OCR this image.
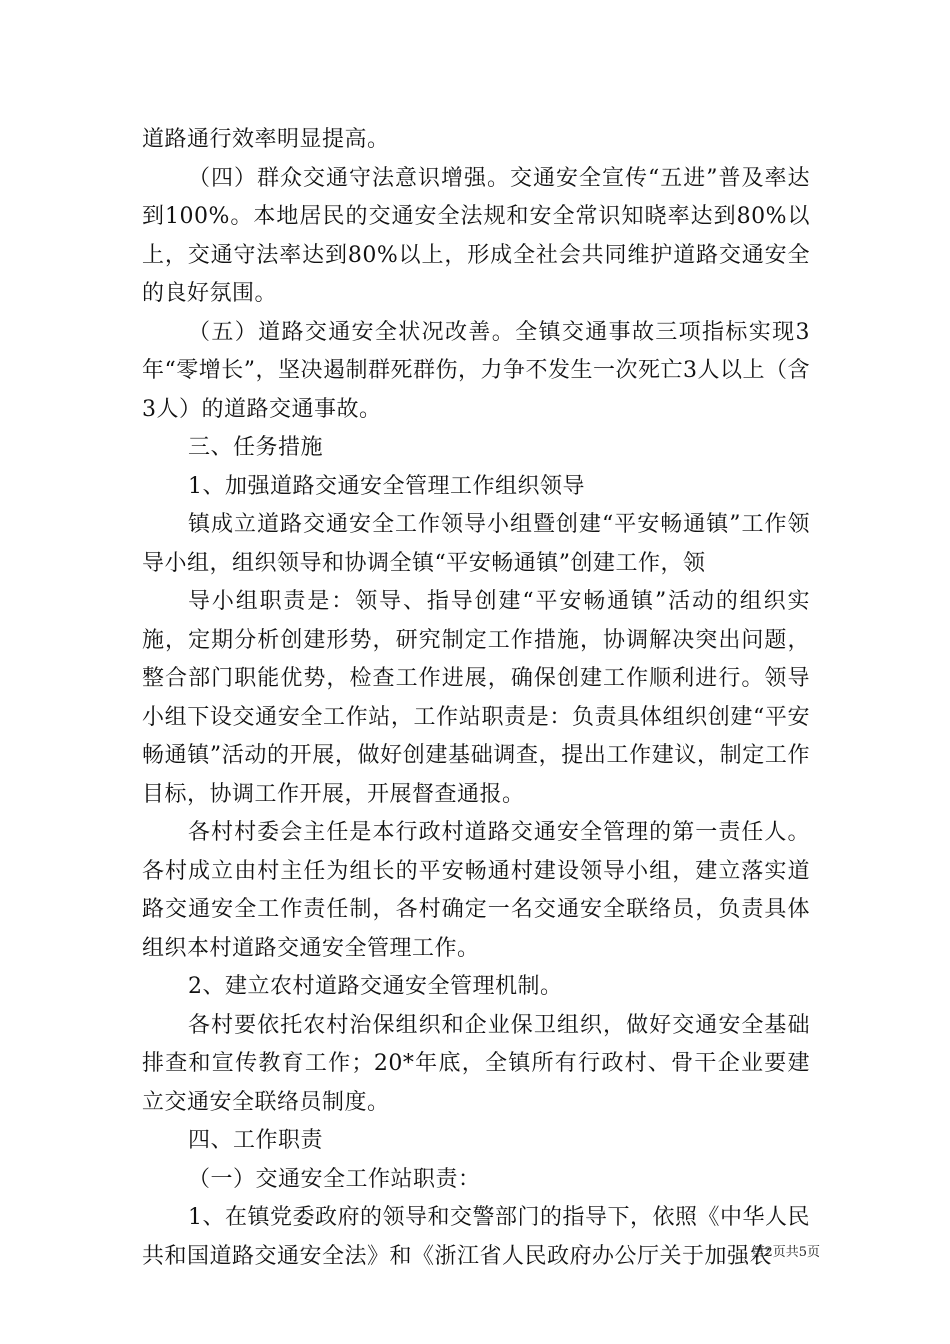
道路通行效率明显提高。

（四）群众交通守法意识增强。交通安全宣传“五进”普及率达到100%。本地居民的交通安全法规和安全常识知晓率达到80%以上，交通守法率达到80%以上，形成全社会共同维护道路交通安全的良好氛围。

（五）道路交通安全状况改善。全镇交通事故三项指标实现3年“零增长”，坚决遏制群死群伤，力争不发生一次死亡3人以上（含3人）的道路交通事故。

三、任务措施

1、加强道路交通安全管理工作组织领导

镇成立道路交通安全工作领导小组暨创建“平安畅通镇”工作领导小组，组织领导和协调全镇“平安畅通镇”创建工作，领

导小组职责是：领导、指导创建“平安畅通镇”活动的组织实施，定期分析创建形势，研究制定工作措施，协调解决突出问题，整合部门职能优势，检查工作进展，确保创建工作顺利进行。领导小组下设交通安全工作站，工作站职责是：负责具体组织创建“平安畅通镇”活动的开展，做好创建基础调查，提出工作建议，制定工作目标，协调工作开展，开展督查通报。

各村村委会主任是本行政村道路交通安全管理的第一责任人。各村成立由村主任为组长的平安畅通村建设领导小组，建立落实道路交通安全工作责任制，各村确定一名交通安全联络员，负责具体组织本村道路交通安全管理工作。

2、建立农村道路交通安全管理机制。

各村要依托农村治保组织和企业保卫组织，做好交通安全基础排查和宣传教育工作；20*年底，全镇所有行政村、骨干企业要建立交通安全联络员制度。

四、工作职责

（一）交通安全工作站职责：

1、在镇党委政府的领导和交警部门的指导下，依照《中华人民共和国道路交通安全法》和《浙江省人民政府办公厅关于加强农

第2页共5页
